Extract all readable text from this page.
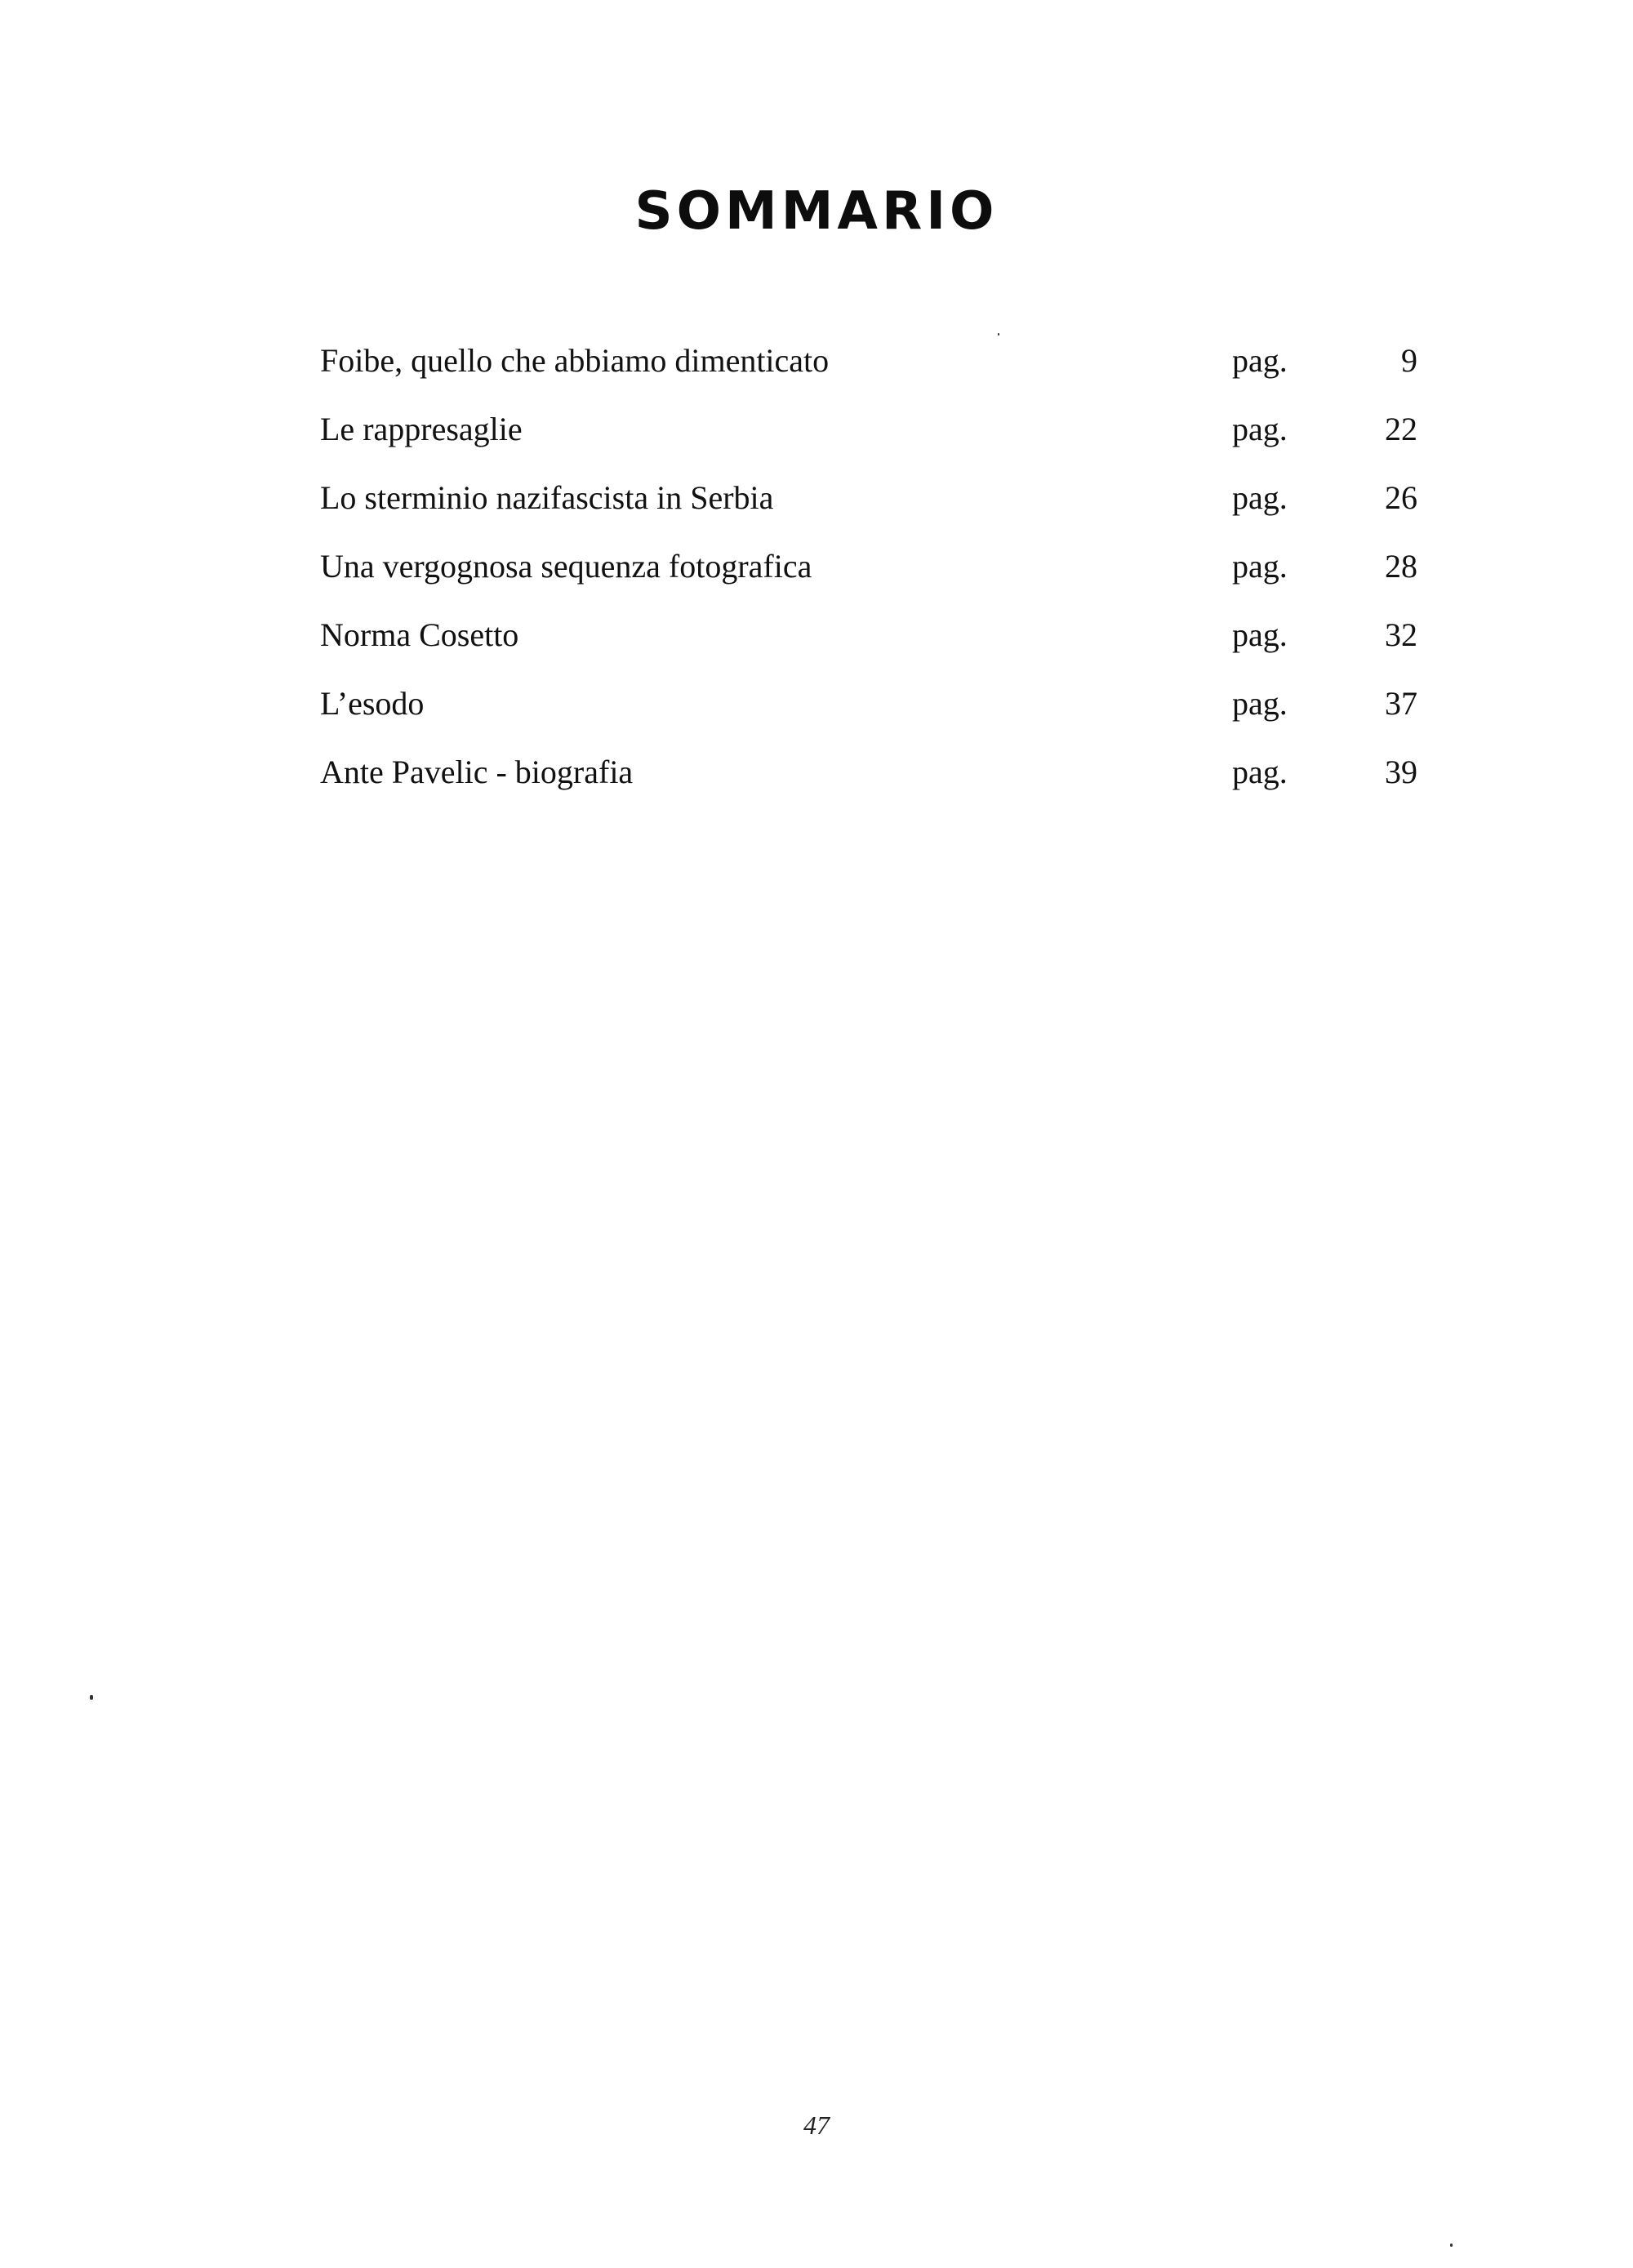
SOMMARIO
Foibe, quello che abbiamo dimenticato	pag.	9
Le rappresaglie	pag.	22
Lo sterminio nazifascista in Serbia	pag.	26
Una vergognosa sequenza fotografica	pag.	28
Norma Cosetto	pag.	32
L’esodo	pag.	37
Ante Pavelic - biografia	pag.	39
47
